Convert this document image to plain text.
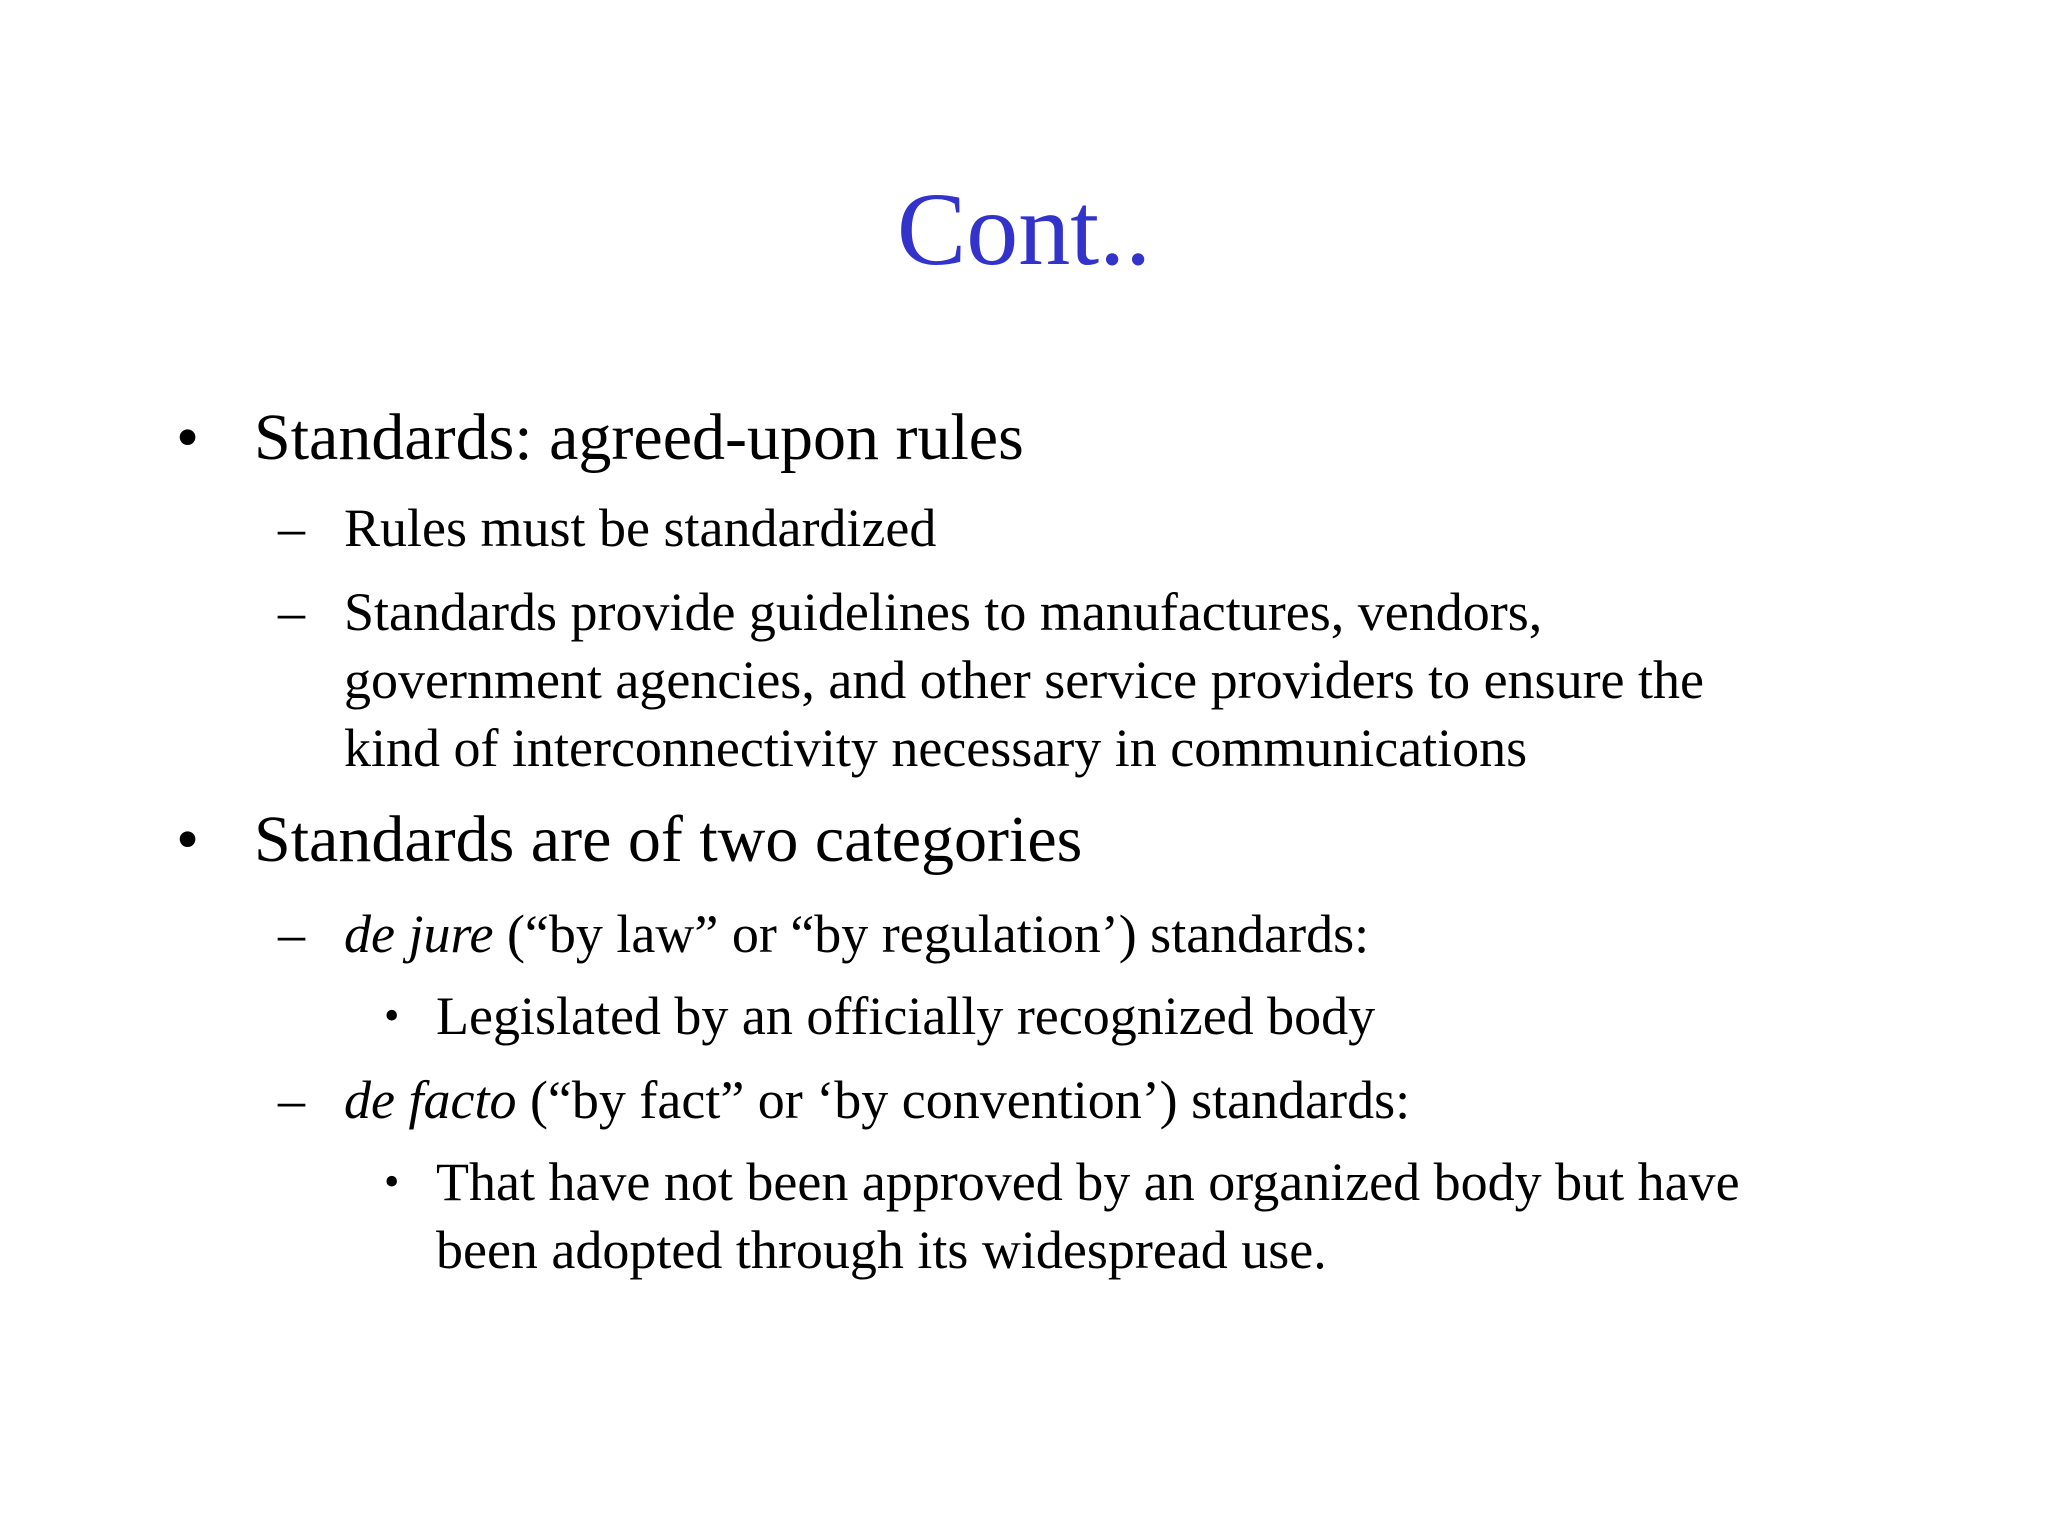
Cont..
• Standards: agreed-upon rules
– Rules must be standardized
– Standards provide guidelines to manufactures, vendors,
government agencies, and other service providers to ensure the
kind of interconnectivity necessary in communications
• Standards are of two categories
– de jure (“by law” or “by regulation’) standards:
• Legislated by an officially recognized body
– de facto (“by fact” or ‘by convention’) standards:
• That have not been approved by an organized body but have
been adopted through its widespread use.
